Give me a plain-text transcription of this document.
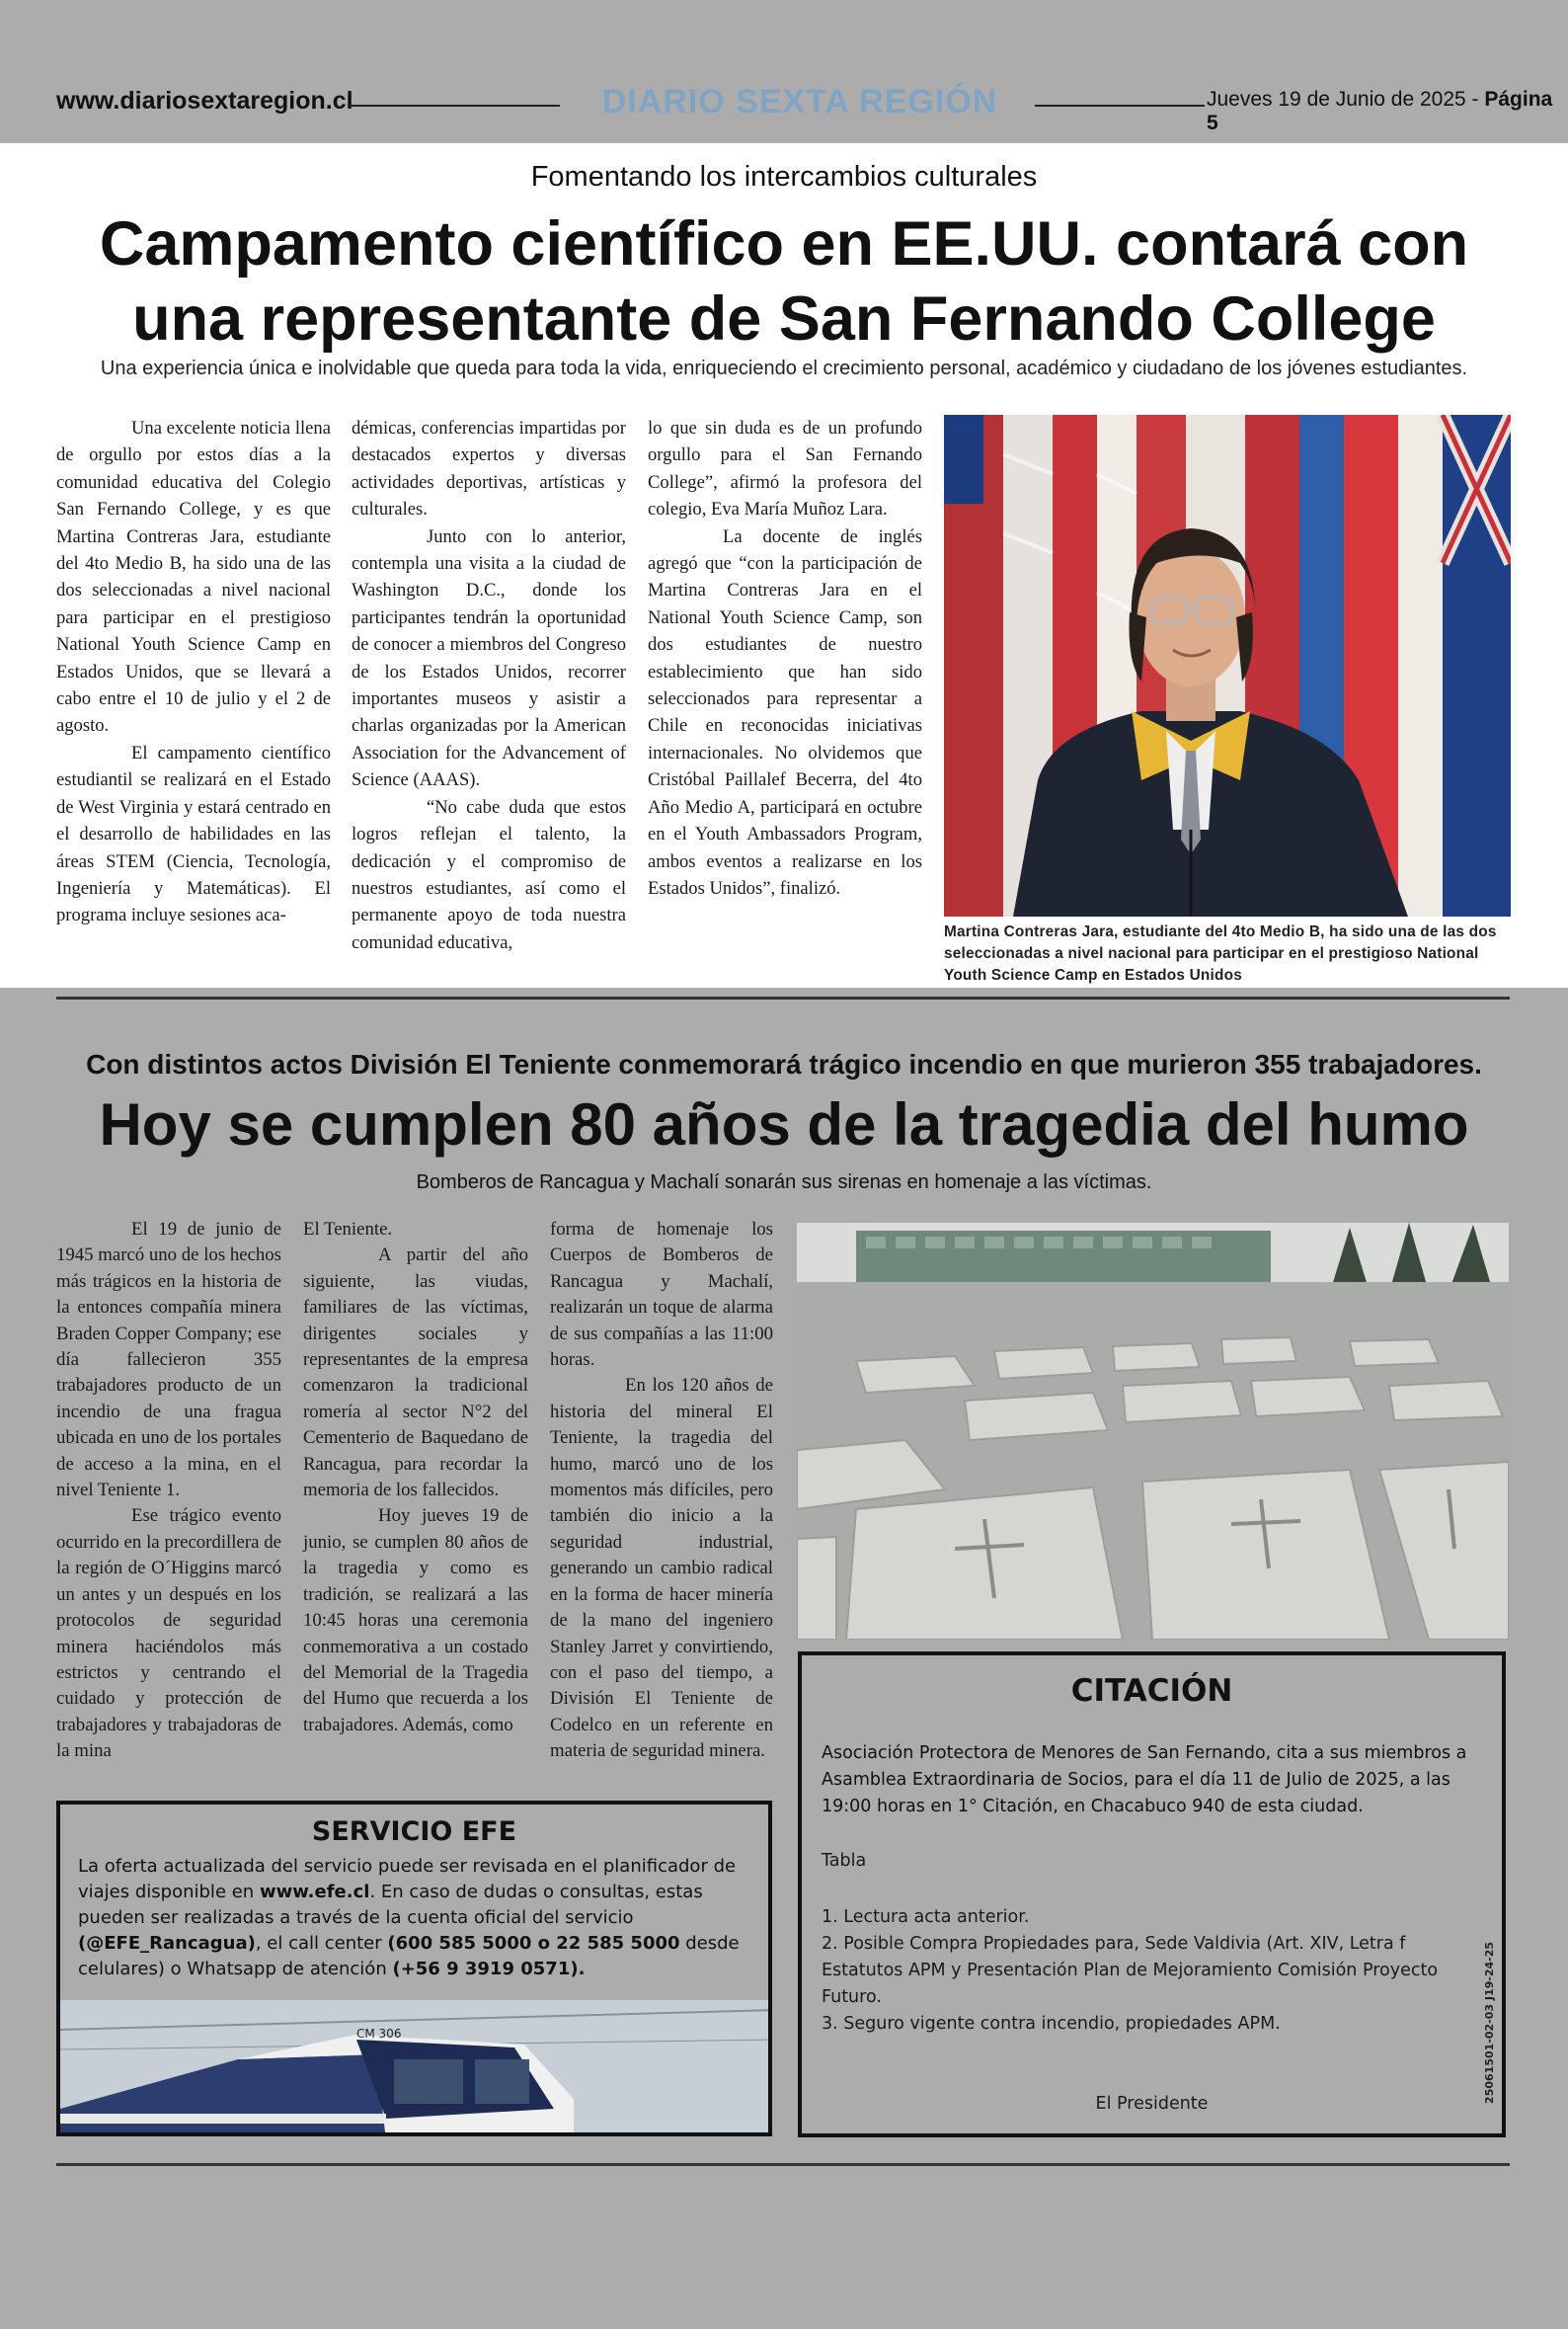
www.diariosextaregion.cl	DIARIO SEXTA REGIÓN	Jueves 19 de Junio de 2025 - Página 5
Fomentando los intercambios culturales
Campamento científico en EE.UU. contará con
una representante de San Fernando College
Una experiencia única e inolvidable que queda para toda la vida, enriqueciendo el crecimiento personal, académico y ciudadano de los jóvenes estudiantes.

Una excelente noticia llena de orgullo por estos días a la comunidad educativa del Colegio San Fernando College, y es que Martina Contreras Jara, estudiante del 4to Medio B, ha sido una de las dos seleccionadas a nivel nacional para participar en el prestigioso National Youth Science Camp en Estados Unidos, que se llevará a cabo entre el 10 de julio y el 2 de agosto.

El campamento científico estudiantil se realizará en el Estado de West Virginia y estará centrado en el desarrollo de habilidades en las áreas STEM (Ciencia, Tecnología, Ingeniería y Matemáticas). El programa incluye sesiones aca-

démicas, conferencias impartidas por destacados expertos y diversas actividades deportivas, artísticas y culturales.

Junto con lo anterior, contempla una visita a la ciudad de Washington D.C., donde los participantes tendrán la oportunidad de conocer a miembros del Congreso de los Estados Unidos, recorrer importantes museos y asistir a charlas organizadas por la American Association for the Advancement of Science (AAAS).

“No cabe duda que estos logros reflejan el talento, la dedicación y el compromiso de nuestros estudiantes, así como el permanente apoyo de toda nuestra comunidad educativa,

lo que sin duda es de un profundo orgullo para el San Fernando College”, afirmó la profesora del colegio, Eva María Muñoz Lara.

La docente de inglés agregó que “con la participación de Martina Contreras Jara en el National Youth Science Camp, son dos estudiantes de nuestro establecimiento que han sido seleccionados para representar a Chile en reconocidas iniciativas internacionales. No olvidemos que Cristóbal Paillalef Becerra, del 4to Año Medio A, participará en octubre en el Youth Ambassadors Program, ambos eventos a realizarse en los Estados Unidos”, finalizó.

Martina Contreras Jara, estudiante del 4to Medio B, ha sido una de las dos seleccionadas a nivel nacional para participar en el prestigioso National Youth Science Camp en Estados Unidos
Con distintos actos División El Teniente conmemorará trágico incendio en que murieron 355 trabajadores.
Hoy se cumplen 80 años de la tragedia del humo
Bomberos de Rancagua y Machalí sonarán sus sirenas en homenaje a las víctimas.

El 19 de junio de 1945 marcó uno de los hechos más trágicos en la historia de la entonces compañía minera Braden Copper Company; ese día fallecieron 355 trabajadores producto de un incendio de una fragua ubicada en uno de los portales de acceso a la mina, en el nivel Teniente 1.

Ese trágico evento ocurrido en la precordillera de la región de O´Higgins marcó un antes y un después en los protocolos de seguridad minera haciéndolos más estrictos y centrando el cuidado y protección de trabajadores y trabajadoras de la mina

El Teniente.

A partir del año siguiente, las viudas, familiares de las víctimas, dirigentes sociales y representantes de la empresa comenzaron la tradicional romería al sector N°2 del Cementerio de Baquedano de Rancagua, para recordar la memoria de los fallecidos.

Hoy jueves 19 de junio, se cumplen 80 años de la tragedia y como es tradición, se realizará a las 10:45 horas una ceremonia conmemorativa a un costado del Memorial de la Tragedia del Humo que recuerda a los trabajadores. Además, como

forma de homenaje los Cuerpos de Bomberos de Rancagua y Machalí, realizarán un toque de alarma de sus compañías a las 11:00 horas.

En los 120 años de historia del mineral El Teniente, la tragedia del humo, marcó uno de los momentos más difíciles, pero también dio inicio a la seguridad industrial, generando un cambio radical en la forma de hacer minería de la mano del ingeniero Stanley Jarret y convirtiendo, con el paso del tiempo, a División El Teniente de Codelco en un referente en materia de seguridad minera.

CITACIÓN
Asociación Protectora de Menores de San Fernando, cita a sus miembros a Asamblea Extraordinaria de Socios, para el día 11 de Julio de 2025, a las 19:00 horas en 1° Citación, en Chacabuco 940 de esta ciudad.
Tabla
1. Lectura acta anterior.
2. Posible Compra Propiedades para, Sede Valdivia (Art. XIV, Letra f Estatutos APM y Presentación Plan de Mejoramiento Comisión Proyecto Futuro.
3. Seguro vigente contra incendio, propiedades APM.
El Presidente
25061501-02-03 J19-24-25
SERVICIO EFE
La oferta actualizada del servicio puede ser revisada en el planificador de viajes disponible en www.efe.cl. En caso de dudas o consultas, estas pueden ser realizadas a través de la cuenta oficial del servicio (@EFE_Rancagua), el call center (600 585 5000 o 22 585 5000 desde celulares) o Whatsapp de atención (+56 9 3919 0571).
CM 306
